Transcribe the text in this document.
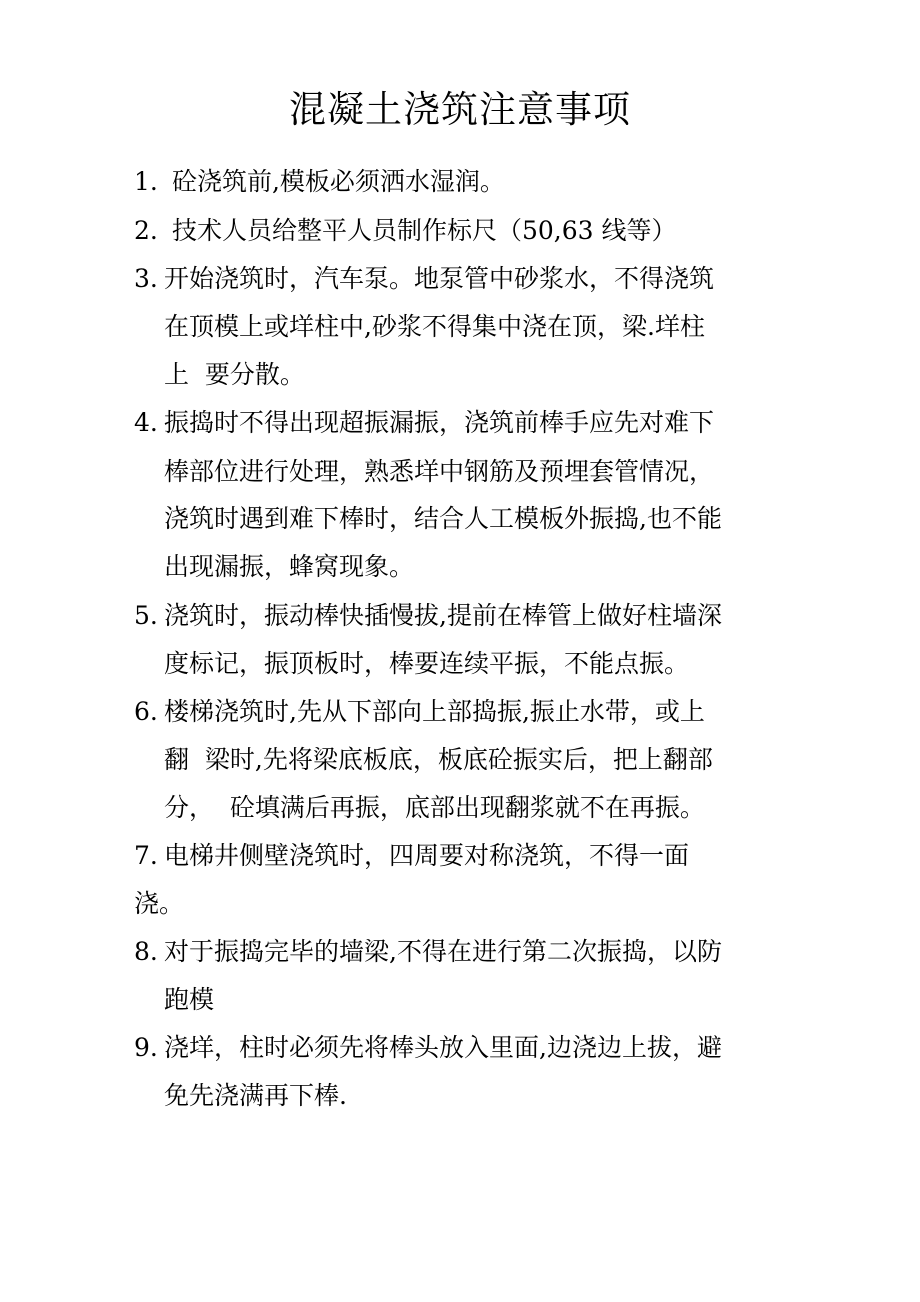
混凝土浇筑注意事项
1. 砼浇筑前,模板必须洒水湿润。
2. 技术人员给整平人员制作标尺（50,63 线等）
3. 开始浇筑时，汽车泵。地泵管中砂浆水，不得浇筑
在顶模上或垟柱中,砂浆不得集中浇在顶，梁.垟柱
上  要分散。
4. 振捣时不得出现超振漏振，浇筑前棒手应先对难下
棒部位进行处理，熟悉垟中钢筋及预埋套管情况，
浇筑时遇到难下棒时，结合人工模板外振捣,也不能
出现漏振，蜂窝现象。
5. 浇筑时，振动棒快插慢拔,提前在棒管上做好柱墙深
度标记，振顶板时，棒要连续平振，不能点振。
6. 楼梯浇筑时,先从下部向上部捣振,振止水带，或上
翻  梁时,先将梁底板底，板底砼振实后，把上翻部
分，  砼填满后再振，底部出现翻浆就不在再振。
7. 电梯井侧壁浇筑时，四周要对称浇筑，不得一面
浇。
8. 对于振捣完毕的墙梁,不得在进行第二次振捣，以防
跑模
9. 浇垟，柱时必须先将棒头放入里面,边浇边上拔，避
免先浇满再下棒.
